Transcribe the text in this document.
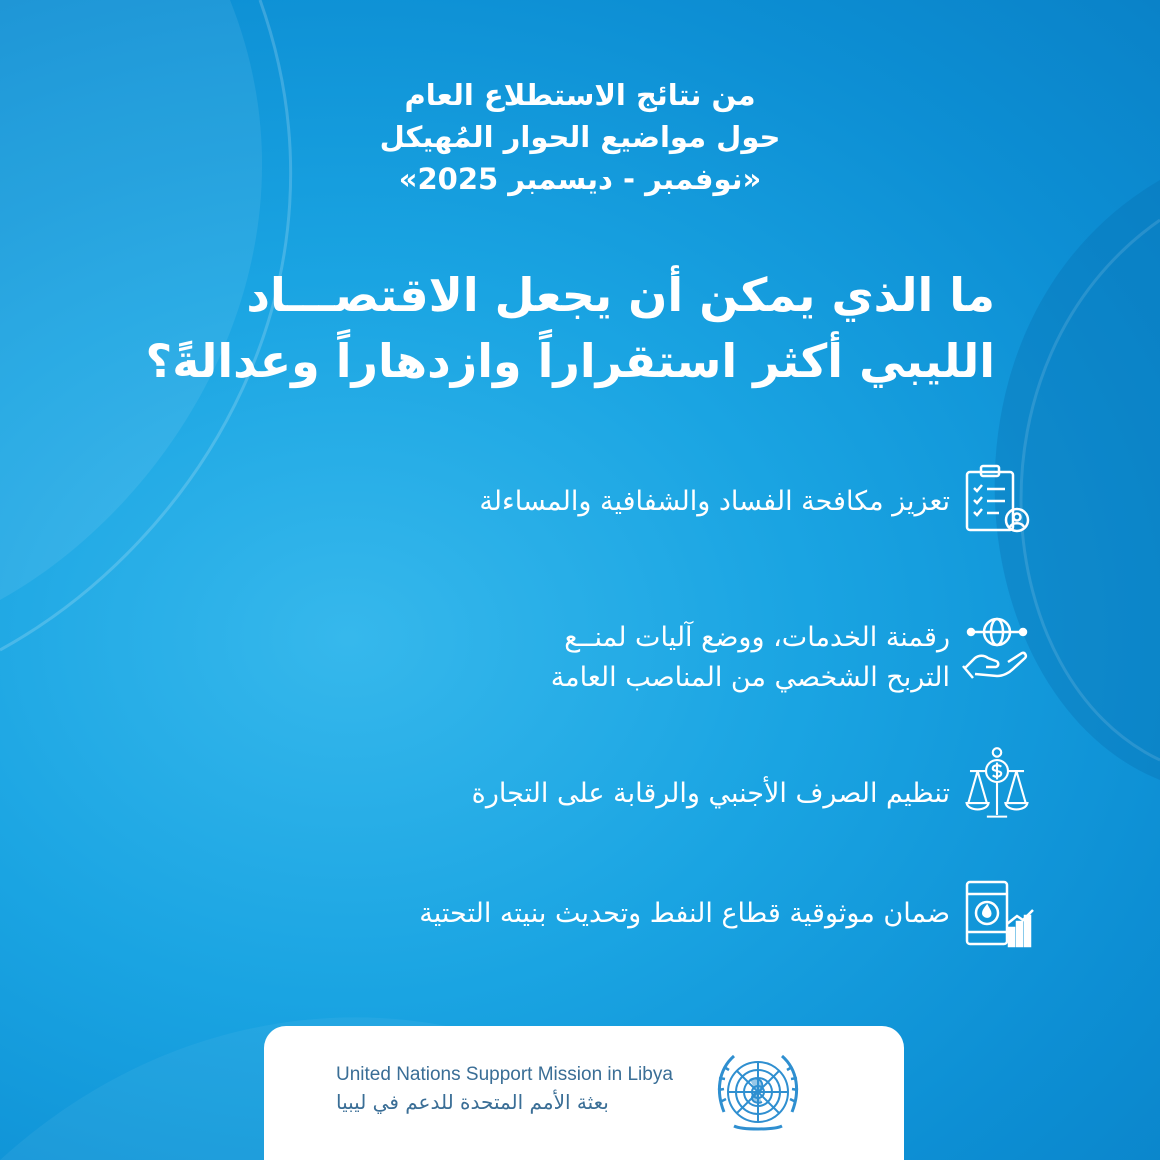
من نتائج الاستطلاع العام
حول مواضيع الحوار المُهيكل
«نوفمبر - ديسمبر 2025»
ما الذي يمكن أن يجعل الاقتصـــاد
الليبي أكثر استقراراً وازدهاراً وعدالةً؟
تعزيز مكافحة الفساد والشفافية والمساءلة
رقمنة الخدمات، ووضع آليات لمنــع
التربح الشخصي من المناصب العامة
تنظيم الصرف الأجنبي والرقابة على التجارة
ضمان موثوقية قطاع النفط وتحديث بنيته التحتية
United Nations Support Mission in Libya
بعثة الأمم المتحدة للدعم في ليبيا
